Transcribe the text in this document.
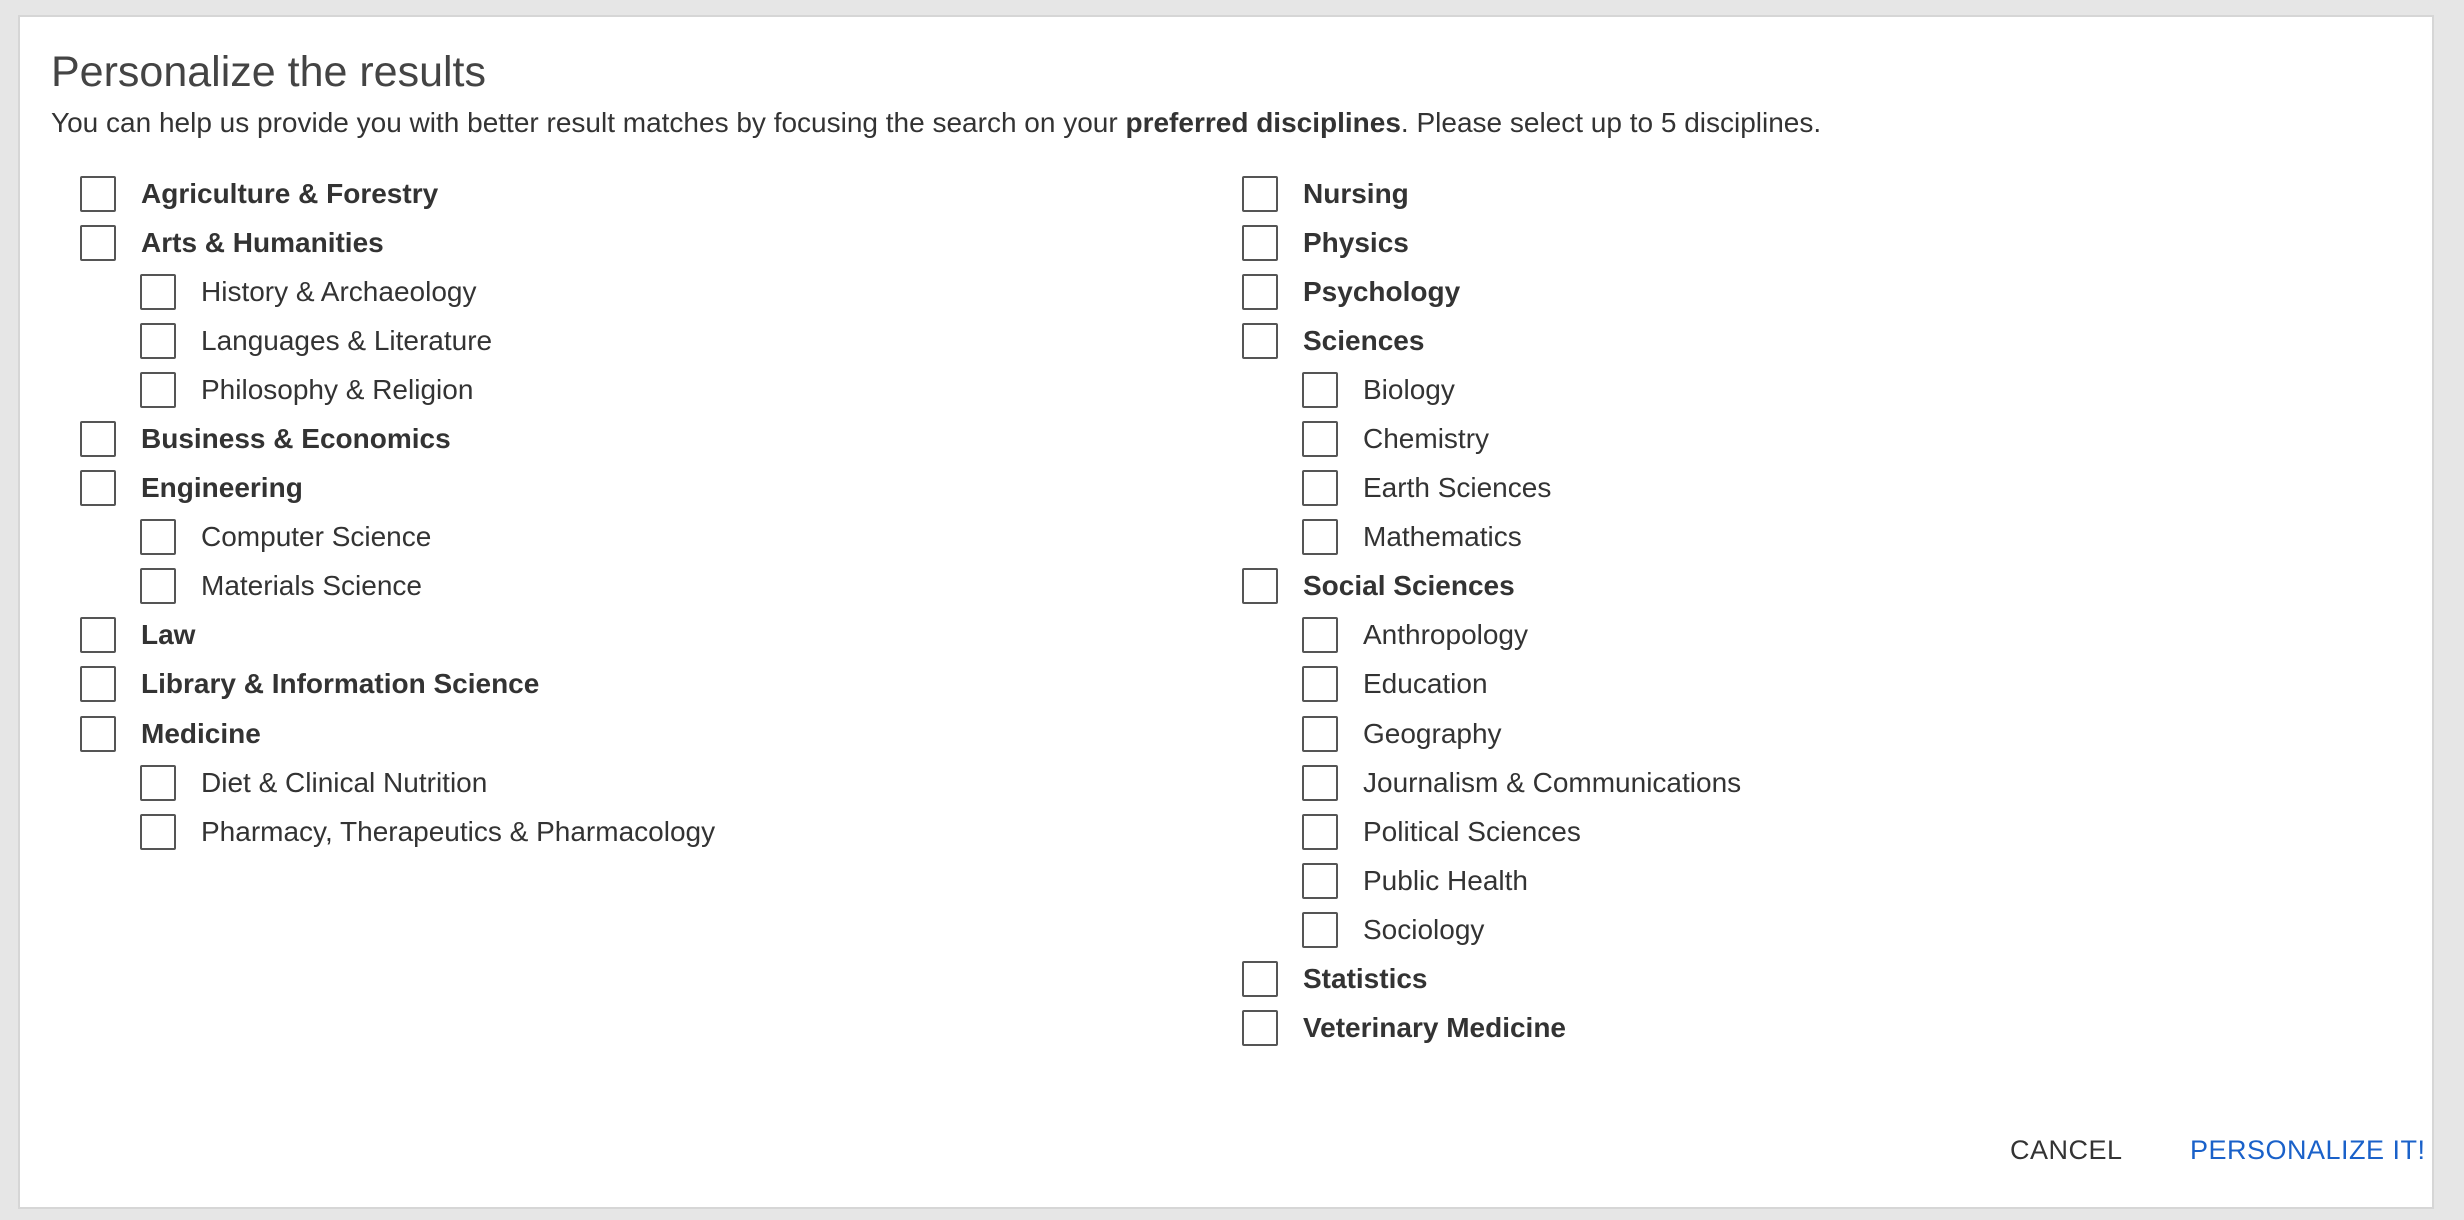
Personalize the results

You can help us provide you with better result matches by focusing the search on your preferred disciplines. Please select up to 5 disciplines.

Agriculture & Forestry
Arts & Humanities
History & Archaeology
Languages & Literature
Philosophy & Religion
Business & Economics
Engineering
Computer Science
Materials Science
Law
Library & Information Science
Medicine
Diet & Clinical Nutrition
Pharmacy, Therapeutics & Pharmacology
Nursing
Physics
Psychology
Sciences
Biology
Chemistry
Earth Sciences
Mathematics
Social Sciences
Anthropology
Education
Geography
Journalism & Communications
Political Sciences
Public Health
Sociology
Statistics
Veterinary Medicine
CANCEL PERSONALIZE IT!
